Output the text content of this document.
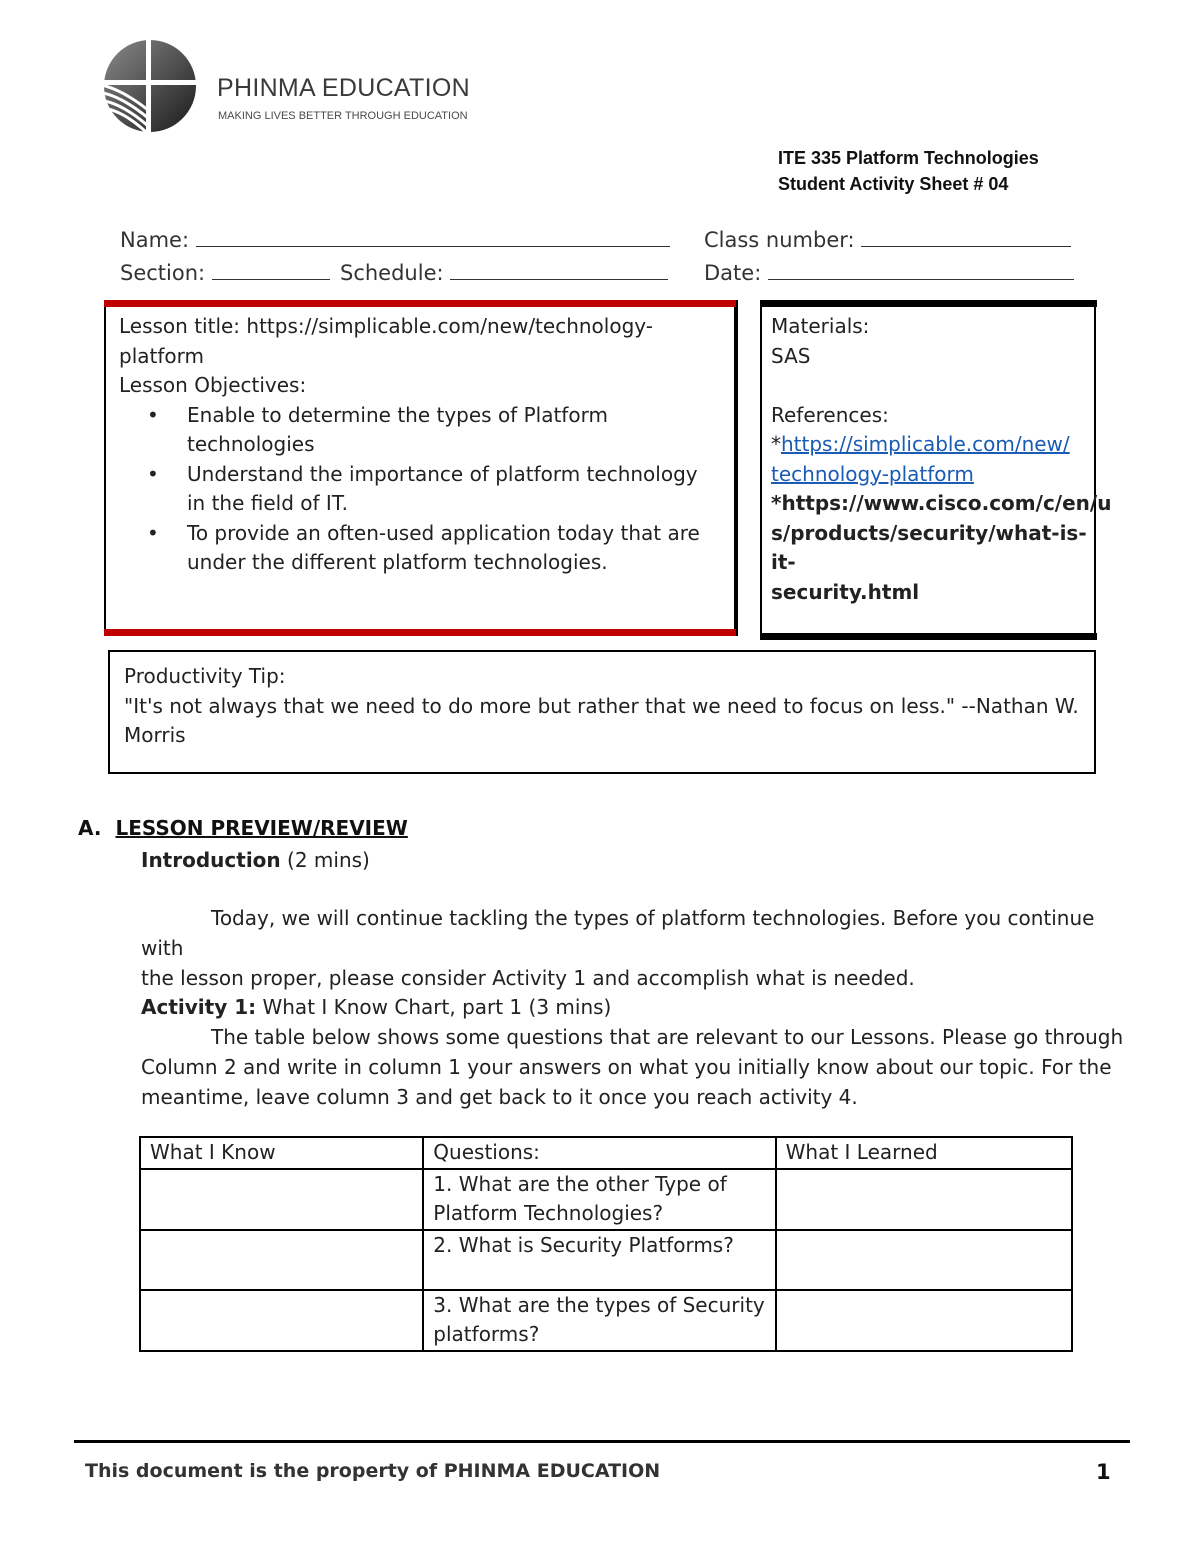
PHINMA EDUCATION
MAKING LIVES BETTER THROUGH EDUCATION
ITE 335 Platform Technologies
Student Activity Sheet # 04
Name:	Class number:
Section:	Schedule:	Date:
Lesson title: https://simplicable.com/new/technology-
platform
Lesson Objectives:
• Enable to determine the types of Platform
technologies
• Understand the importance of platform technology
in the field of IT.
• To provide an often-used application today that are
under the different platform technologies.
Materials:
SAS
References:
*https://simplicable.com/new/
technology-platform
*https://www.cisco.com/c/en/u
s/products/security/what-is-it-
security.html
Productivity Tip:
"It's not always that we need to do more but rather that we need to focus on less." --Nathan W.
Morris
A. LESSON PREVIEW/REVIEW
Introduction (2 mins)
Today, we will continue tackling the types of platform technologies. Before you continue with
the lesson proper, please consider Activity 1 and accomplish what is needed.
Activity 1: What I Know Chart, part 1 (3 mins)
The table below shows some questions that are relevant to our Lessons. Please go through
Column 2 and write in column 1 your answers on what you initially know about our topic. For the
meantime, leave column 3 and get back to it once you reach activity 4.
What I Know	Questions:	What I Learned

	1. What are the other Type of
Platform Technologies?	

	2. What is Security Platforms?	

	3. What are the types of Security
platforms?	

This document is the property of PHINMA EDUCATION	1
